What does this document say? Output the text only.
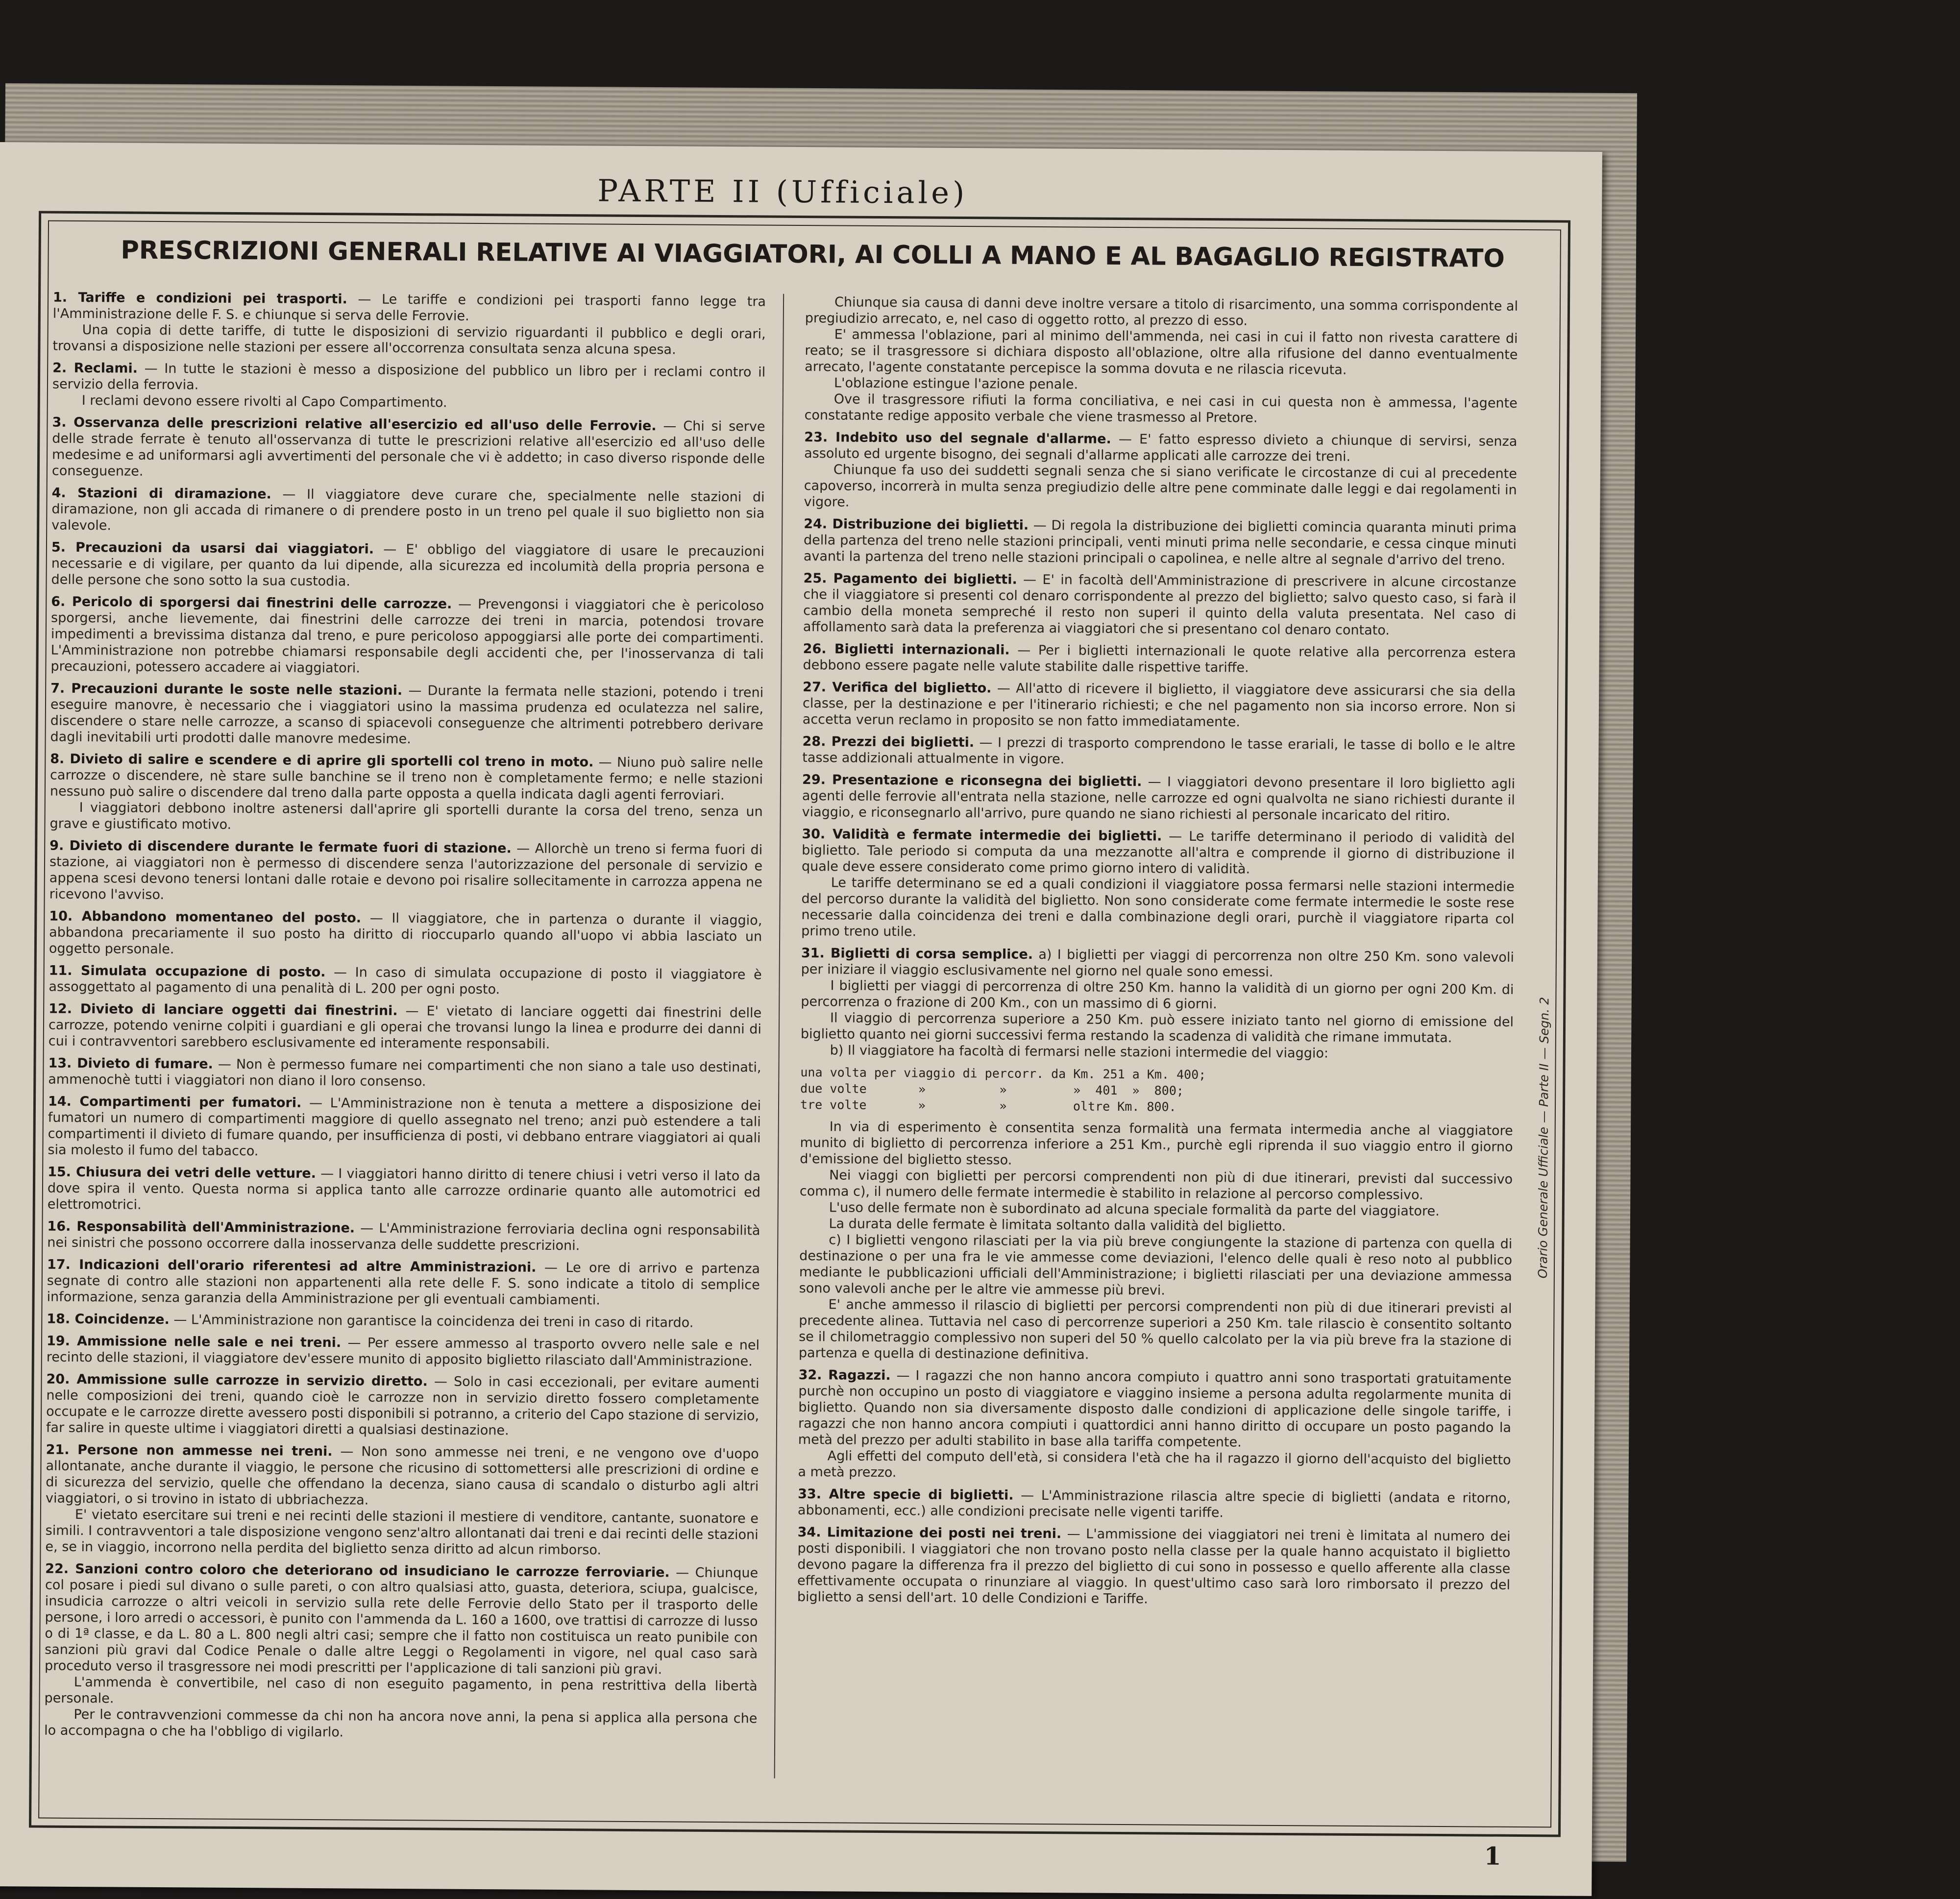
PARTE II (Ufficiale)
PRESCRIZIONI GENERALI RELATIVE AI VIAGGIATORI, AI COLLI A MANO E AL BAGAGLIO REGISTRATO
1. Tariffe e condizioni pei trasporti. — Le tariffe e condizioni pei trasporti fanno legge tra l'Amministrazione delle F. S. e chiunque si serva delle Ferrovie.

Una copia di dette tariffe, di tutte le disposizioni di servizio riguardanti il pubblico e degli orari, trovansi a disposizione nelle stazioni per essere all'occorrenza consultata senza alcuna spesa.

2. Reclami. — In tutte le stazioni è messo a disposizione del pubblico un libro per i reclami contro il servizio della ferrovia.

I reclami devono essere rivolti al Capo Compartimento.

3. Osservanza delle prescrizioni relative all'esercizio ed all'uso delle Ferrovie. — Chi si serve delle strade ferrate è tenuto all'osservanza di tutte le prescrizioni relative all'esercizio ed all'uso delle medesime e ad uniformarsi agli avvertimenti del personale che vi è addetto; in caso diverso risponde delle conseguenze.
4. Stazioni di diramazione. — Il viaggiatore deve curare che, specialmente nelle stazioni di diramazione, non gli accada di rimanere o di prendere posto in un treno pel quale il suo biglietto non sia valevole.
5. Precauzioni da usarsi dai viaggiatori. — E' obbligo del viaggiatore di usare le precauzioni necessarie e di vigilare, per quanto da lui dipende, alla sicurezza ed incolumità della propria persona e delle persone che sono sotto la sua custodia.
6. Pericolo di sporgersi dai finestrini delle carrozze. — Prevengonsi i viaggiatori che è pericoloso sporgersi, anche lievemente, dai finestrini delle carrozze dei treni in marcia, potendosi trovare impedimenti a brevissima distanza dal treno, e pure pericoloso appoggiarsi alle porte dei compartimenti. L'Amministrazione non potrebbe chiamarsi responsabile degli accidenti che, per l'inosservanza di tali precauzioni, potessero accadere ai viaggiatori.
7. Precauzioni durante le soste nelle stazioni. — Durante la fermata nelle stazioni, potendo i treni eseguire manovre, è necessario che i viaggiatori usino la massima prudenza ed oculatezza nel salire, discendere o stare nelle carrozze, a scanso di spiacevoli conseguenze che altrimenti potrebbero derivare dagli inevitabili urti prodotti dalle manovre medesime.
8. Divieto di salire e scendere e di aprire gli sportelli col treno in moto. — Niuno può salire nelle carrozze o discendere, nè stare sulle banchine se il treno non è completamente fermo; e nelle stazioni nessuno può salire o discendere dal treno dalla parte opposta a quella indicata dagli agenti ferroviari.

I viaggiatori debbono inoltre astenersi dall'aprire gli sportelli durante la corsa del treno, senza un grave e giustificato motivo.

9. Divieto di discendere durante le fermate fuori di stazione. — Allorchè un treno si ferma fuori di stazione, ai viaggiatori non è permesso di discendere senza l'autorizzazione del personale di servizio e appena scesi devono tenersi lontani dalle rotaie e devono poi risalire sollecitamente in carrozza appena ne ricevono l'avviso.
10. Abbandono momentaneo del posto. — Il viaggiatore, che in partenza o durante il viaggio, abbandona precariamente il suo posto ha diritto di rioccuparlo quando all'uopo vi abbia lasciato un oggetto personale.
11. Simulata occupazione di posto. — In caso di simulata occupazione di posto il viaggiatore è assoggettato al pagamento di una penalità di L. 200 per ogni posto.
12. Divieto di lanciare oggetti dai finestrini. — E' vietato di lanciare oggetti dai finestrini delle carrozze, potendo venirne colpiti i guardiani e gli operai che trovansi lungo la linea e produrre dei danni di cui i contravventori sarebbero esclusivamente ed interamente responsabili.
13. Divieto di fumare. — Non è permesso fumare nei compartimenti che non siano a tale uso destinati, ammenochè tutti i viaggiatori non diano il loro consenso.
14. Compartimenti per fumatori. — L'Amministrazione non è tenuta a mettere a disposizione dei fumatori un numero di compartimenti maggiore di quello assegnato nel treno; anzi può estendere a tali compartimenti il divieto di fumare quando, per insufficienza di posti, vi debbano entrare viaggiatori ai quali sia molesto il fumo del tabacco.
15. Chiusura dei vetri delle vetture. — I viaggiatori hanno diritto di tenere chiusi i vetri verso il lato da dove spira il vento. Questa norma si applica tanto alle carrozze ordinarie quanto alle automotrici ed elettromotrici.
16. Responsabilità dell'Amministrazione. — L'Amministrazione ferroviaria declina ogni responsabilità nei sinistri che possono occorrere dalla inosservanza delle suddette prescrizioni.
17. Indicazioni dell'orario riferentesi ad altre Amministrazioni. — Le ore di arrivo e partenza segnate di contro alle stazioni non appartenenti alla rete delle F. S. sono indicate a titolo di semplice informazione, senza garanzia della Amministrazione per gli eventuali cambiamenti.
18. Coincidenze. — L'Amministrazione non garantisce la coincidenza dei treni in caso di ritardo.
19. Ammissione nelle sale e nei treni. — Per essere ammesso al trasporto ovvero nelle sale e nel recinto delle stazioni, il viaggiatore dev'essere munito di apposito biglietto rilasciato dall'Amministrazione.
20. Ammissione sulle carrozze in servizio diretto. — Solo in casi eccezionali, per evitare aumenti nelle composizioni dei treni, quando cioè le carrozze non in servizio diretto fossero completamente occupate e le carrozze dirette avessero posti disponibili si potranno, a criterio del Capo stazione di servizio, far salire in queste ultime i viaggiatori diretti a qualsiasi destinazione.
21. Persone non ammesse nei treni. — Non sono ammesse nei treni, e ne vengono ove d'uopo allontanate, anche durante il viaggio, le persone che ricusino di sottomettersi alle prescrizioni di ordine e di sicurezza del servizio, quelle che offendano la decenza, siano causa di scandalo o disturbo agli altri viaggiatori, o si trovino in istato di ubbriachezza.

E' vietato esercitare sui treni e nei recinti delle stazioni il mestiere di venditore, cantante, suonatore e simili. I contravventori a tale disposizione vengono senz'altro allontanati dai treni e dai recinti delle stazioni e, se in viaggio, incorrono nella perdita del biglietto senza diritto ad alcun rimborso.

22. Sanzioni contro coloro che deteriorano od insudiciano le carrozze ferroviarie. — Chiunque col posare i piedi sul divano o sulle pareti, o con altro qualsiasi atto, guasta, deteriora, sciupa, gualcisce, insudicia carrozze o altri veicoli in servizio sulla rete delle Ferrovie dello Stato per il trasporto delle persone, i loro arredi o accessori, è punito con l'ammenda da L. 160 a 1600, ove trattisi di carrozze di lusso o di 1ª classe, e da L. 80 a L. 800 negli altri casi; sempre che il fatto non costituisca un reato punibile con sanzioni più gravi dal Codice Penale o dalle altre Leggi o Regolamenti in vigore, nel qual caso sarà proceduto verso il trasgressore nei modi prescritti per l'applicazione di tali sanzioni più gravi.

L'ammenda è convertibile, nel caso di non eseguito pagamento, in pena restrittiva della libertà personale.

Per le contravvenzioni commesse da chi non ha ancora nove anni, la pena si applica alla persona che lo accompagna o che ha l'obbligo di vigilarlo.

Chiunque sia causa di danni deve inoltre versare a titolo di risarcimento, una somma corrispondente al pregiudizio arrecato, e, nel caso di oggetto rotto, al prezzo di esso.

E' ammessa l'oblazione, pari al minimo dell'ammenda, nei casi in cui il fatto non rivesta carattere di reato; se il trasgressore si dichiara disposto all'oblazione, oltre alla rifusione del danno eventualmente arrecato, l'agente constatante percepisce la somma dovuta e ne rilascia ricevuta.

L'oblazione estingue l'azione penale.

Ove il trasgressore rifiuti la forma conciliativa, e nei casi in cui questa non è ammessa, l'agente constatante redige apposito verbale che viene trasmesso al Pretore.

23. Indebito uso del segnale d'allarme. — E' fatto espresso divieto a chiunque di servirsi, senza assoluto ed urgente bisogno, dei segnali d'allarme applicati alle carrozze dei treni.

Chiunque fa uso dei suddetti segnali senza che si siano verificate le circostanze di cui al precedente capoverso, incorrerà in multa senza pregiudizio delle altre pene comminate dalle leggi e dai regolamenti in vigore.

24. Distribuzione dei biglietti. — Di regola la distribuzione dei biglietti comincia quaranta minuti prima della partenza del treno nelle stazioni principali, venti minuti prima nelle secondarie, e cessa cinque minuti avanti la partenza del treno nelle stazioni principali o capolinea, e nelle altre al segnale d'arrivo del treno.
25. Pagamento dei biglietti. — E' in facoltà dell'Amministrazione di prescrivere in alcune circostanze che il viaggiatore si presenti col denaro corrispondente al prezzo del biglietto; salvo questo caso, si farà il cambio della moneta sempreché il resto non superi il quinto della valuta presentata. Nel caso di affollamento sarà data la preferenza ai viaggiatori che si presentano col denaro contato.
26. Biglietti internazionali. — Per i biglietti internazionali le quote relative alla percorrenza estera debbono essere pagate nelle valute stabilite dalle rispettive tariffe.
27. Verifica del biglietto. — All'atto di ricevere il biglietto, il viaggiatore deve assicurarsi che sia della classe, per la destinazione e per l'itinerario richiesti; e che nel pagamento non sia incorso errore. Non si accetta verun reclamo in proposito se non fatto immediatamente.
28. Prezzi dei biglietti. — I prezzi di trasporto comprendono le tasse erariali, le tasse di bollo e le altre tasse addizionali attualmente in vigore.
29. Presentazione e riconsegna dei biglietti. — I viaggiatori devono presentare il loro biglietto agli agenti delle ferrovie all'entrata nella stazione, nelle carrozze ed ogni qualvolta ne siano richiesti durante il viaggio, e riconsegnarlo all'arrivo, pure quando ne siano richiesti al personale incaricato del ritiro.
30. Validità e fermate intermedie dei biglietti. — Le tariffe determinano il periodo di validità del biglietto. Tale periodo si computa da una mezzanotte all'altra e comprende il giorno di distribuzione il quale deve essere considerato come primo giorno intero di validità.

Le tariffe determinano se ed a quali condizioni il viaggiatore possa fermarsi nelle stazioni intermedie del percorso durante la validità del biglietto. Non sono considerate come fermate intermedie le soste rese necessarie dalla coincidenza dei treni e dalla combinazione degli orari, purchè il viaggiatore riparta col primo treno utile.

31. Biglietti di corsa semplice. a) I biglietti per viaggi di percorrenza non oltre 250 Km. sono valevoli per iniziare il viaggio esclusivamente nel giorno nel quale sono emessi.

I biglietti per viaggi di percorrenza di oltre 250 Km. hanno la validità di un giorno per ogni 200 Km. di percorrenza o frazione di 200 Km., con un massimo di 6 giorni.

Il viaggio di percorrenza superiore a 250 Km. può essere iniziato tanto nel giorno di emissione del biglietto quanto nei giorni successivi ferma restando la scadenza di validità che rimane immutata.

b) Il viaggiatore ha facoltà di fermarsi nelle stazioni intermedie del viaggio:

una volta per viaggio di percorr. da Km. 251 a Km. 400;
due volte       »          »         »  401  »  800;
tre volte       »          »         oltre Km. 800.

In via di esperimento è consentita senza formalità una fermata intermedia anche al viaggiatore munito di biglietto di percorrenza inferiore a 251 Km., purchè egli riprenda il suo viaggio entro il giorno d'emissione del biglietto stesso.

Nei viaggi con biglietti per percorsi comprendenti non più di due itinerari, previsti dal successivo comma c), il numero delle fermate intermedie è stabilito in relazione al percorso complessivo.

L'uso delle fermate non è subordinato ad alcuna speciale formalità da parte del viaggiatore.

La durata delle fermate è limitata soltanto dalla validità del biglietto.

c) I biglietti vengono rilasciati per la via più breve congiungente la stazione di partenza con quella di destinazione o per una fra le vie ammesse come deviazioni, l'elenco delle quali è reso noto al pubblico mediante le pubblicazioni ufficiali dell'Amministrazione; i biglietti rilasciati per una deviazione ammessa sono valevoli anche per le altre vie ammesse più brevi.

E' anche ammesso il rilascio di biglietti per percorsi comprendenti non più di due itinerari previsti al precedente alinea. Tuttavia nel caso di percorrenze superiori a 250 Km. tale rilascio è consentito soltanto se il chilometraggio complessivo non superi del 50 % quello calcolato per la via più breve fra la stazione di partenza e quella di destinazione definitiva.

32. Ragazzi. — I ragazzi che non hanno ancora compiuto i quattro anni sono trasportati gratuitamente purchè non occupino un posto di viaggiatore e viaggino insieme a persona adulta regolarmente munita di biglietto. Quando non sia diversamente disposto dalle condizioni di applicazione delle singole tariffe, i ragazzi che non hanno ancora compiuti i quattordici anni hanno diritto di occupare un posto pagando la metà del prezzo per adulti stabilito in base alla tariffa competente.

Agli effetti del computo dell'età, si considera l'età che ha il ragazzo il giorno dell'acquisto del biglietto a metà prezzo.

33. Altre specie di biglietti. — L'Amministrazione rilascia altre specie di biglietti (andata e ritorno, abbonamenti, ecc.) alle condizioni precisate nelle vigenti tariffe.
34. Limitazione dei posti nei treni. — L'ammissione dei viaggiatori nei treni è limitata al numero dei posti disponibili. I viaggiatori che non trovano posto nella classe per la quale hanno acquistato il biglietto devono pagare la differenza fra il prezzo del biglietto di cui sono in possesso e quello afferente alla classe effettivamente occupata o rinunziare al viaggio. In quest'ultimo caso sarà loro rimborsato il prezzo del biglietto a sensi dell'art. 10 delle Condizioni e Tariffe.
Orario Generale Ufficiale — Parte II — Segn. 2
1
